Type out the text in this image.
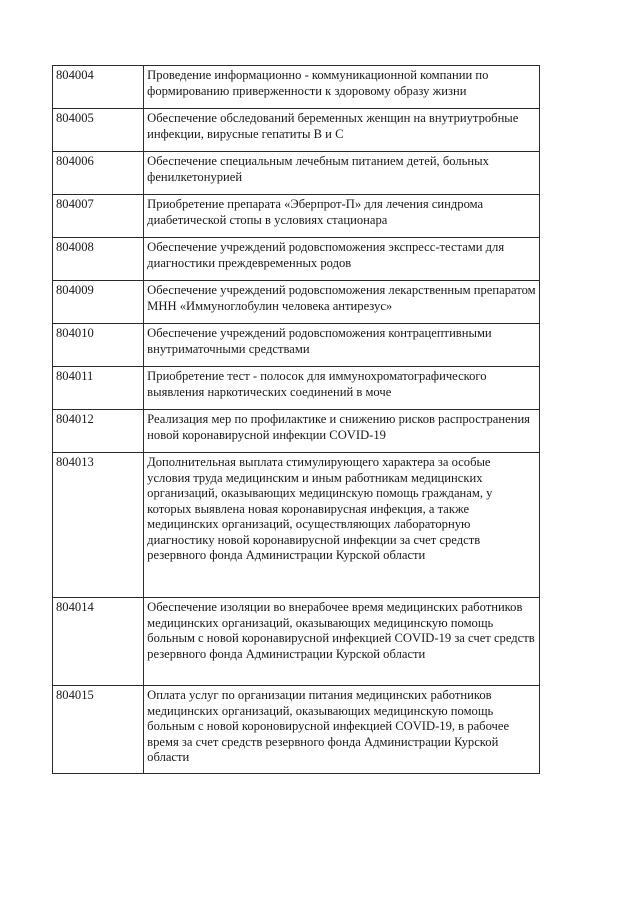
804004	Проведение информационно - коммуникационной компании по формированию приверженности к здоровому образу жизни
804005	Обеспечение обследований беременных женщин на внутриутробные инфекции, вирусные гепатиты В и С
804006	Обеспечение специальным лечебным питанием детей, больных фенилкетонурией
804007	Приобретение препарата «Эберпрот-П» для лечения синдрома диабетической стопы в условиях стационара
804008	Обеспечение учреждений родовспоможения экспресс-тестами для диагностики преждевременных родов
804009	Обеспечение учреждений родовспоможения лекарственным препаратом МНН «Иммуноглобулин человека антирезус»
804010	Обеспечение учреждений родовспоможения контрацептивными внутриматочными средствами
804011	Приобретение тест - полосок для иммунохроматографического выявления наркотических соединений в моче
804012	Реализация мер по профилактике и снижению рисков распространения новой коронавирусной инфекции COVID-19
804013	Дополнительная выплата стимулирующего характера за особые условия труда медицинским и иным работникам медицинских организаций, оказывающих медицинскую помощь гражданам, у которых выявлена новая коронавирусная инфекция, а также медицинских организаций, осуществляющих лабораторную диагностику новой коронавирусной инфекции за счет средств резервного фонда Администрации Курской области
804014	Обеспечение изоляции во внерабочее время медицинских работников медицинских организаций, оказывающих медицинскую помощь больным с новой коронавирусной инфекцией COVID-19 за счет средств резервного фонда Администрации Курской области
804015	Оплата услуг по организации питания медицинских работников медицинских организаций, оказывающих медицинскую помощь больным с новой короновирусной инфекцией COVID-19, в рабочее время за счет средств резервного фонда Администрации Курской области
